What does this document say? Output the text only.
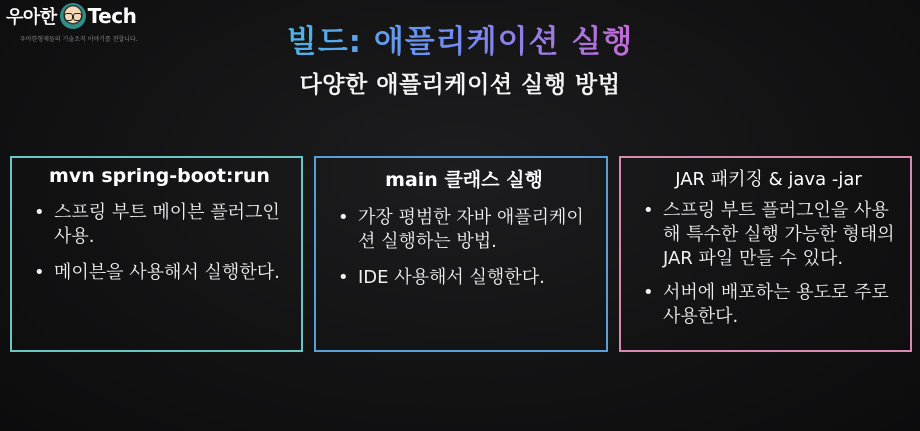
우아한 Tech
우아한형제들의 기술조직 이야기를 전합니다.	빌드: 애플리케이션 실행
다양한 애플리케이션 실행 방법
mvn spring-boot:run
• 스프링 부트 메이븐 플러그인 사용.
• 메이븐을 사용해서 실행한다.
main 클래스 실행
• 가장 평범한 자바 애플리케이션 실행하는 방법.
• IDE 사용해서 실행한다.
JAR 패키징 & java -jar
• 스프링 부트 플러그인을 사용해 특수한 실행 가능한 형태의 JAR 파일 만들 수 있다.
• 서버에 배포하는 용도로 주로 사용한다.
